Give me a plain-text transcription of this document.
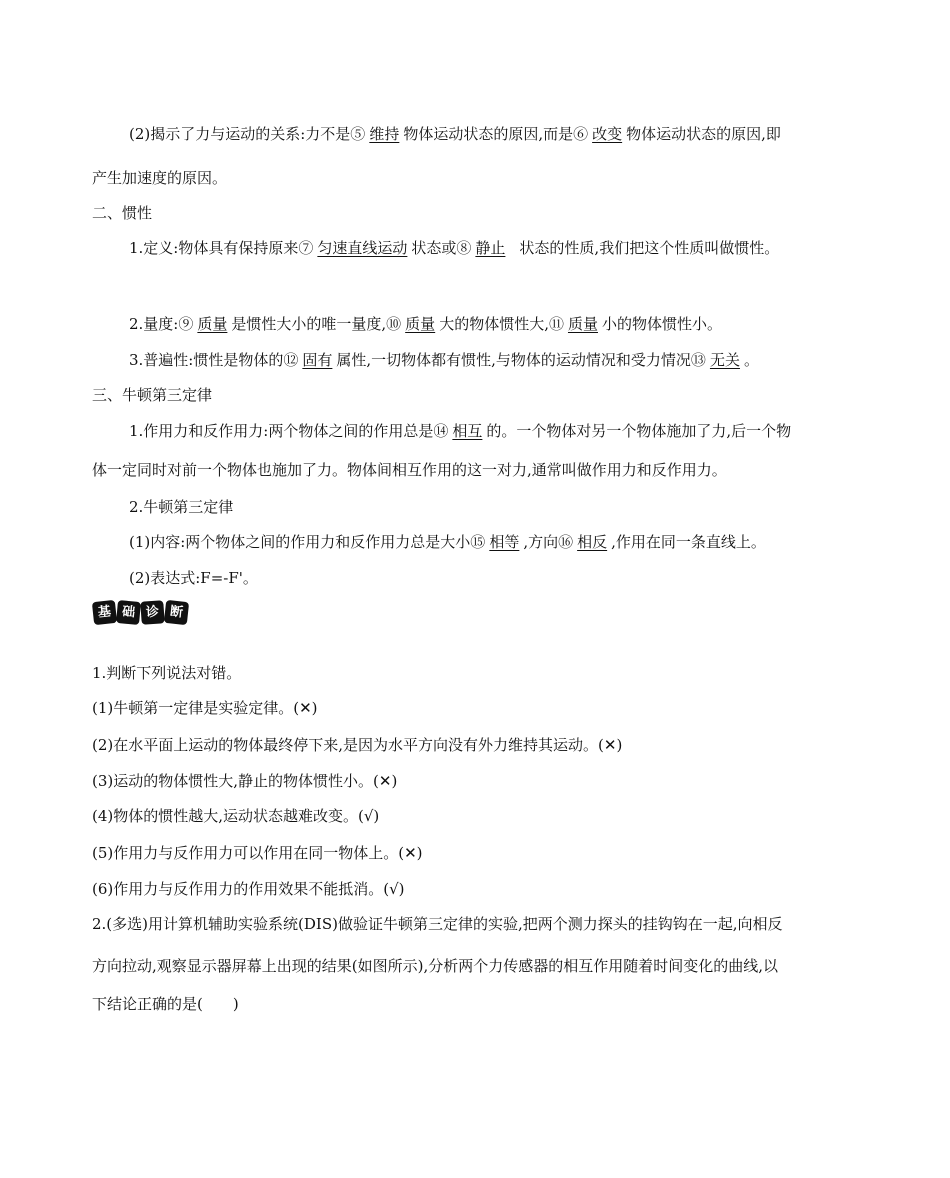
(2)揭示了力与运动的关系:力不是⑤ 维持 物体运动状态的原因,而是⑥ 改变 物体运动状态的原因,即
产生加速度的原因。
二、惯性
1.定义:物体具有保持原来⑦ 匀速直线运动 状态或⑧ 静止 状态的性质,我们把这个性质叫做惯性。
2.量度:⑨ 质量 是惯性大小的唯一量度,⑩ 质量 大的物体惯性大,⑪ 质量 小的物体惯性小。
3.普遍性:惯性是物体的⑫ 固有 属性,一切物体都有惯性,与物体的运动情况和受力情况⑬ 无关 。
三、牛顿第三定律
1.作用力和反作用力:两个物体之间的作用总是⑭ 相互 的。一个物体对另一个物体施加了力,后一个物
体一定同时对前一个物体也施加了力。物体间相互作用的这一对力,通常叫做作用力和反作用力。
2.牛顿第三定律
(1)内容:两个物体之间的作用力和反作用力总是大小⑮ 相等 ,方向⑯ 相反 ,作用在同一条直线上。
(2)表达式:F=-F'。
基 础 诊 断
1.判断下列说法对错。
(1)牛顿第一定律是实验定律。(✕)
(2)在水平面上运动的物体最终停下来,是因为水平方向没有外力维持其运动。(✕)
(3)运动的物体惯性大,静止的物体惯性小。(✕)
(4)物体的惯性越大,运动状态越难改变。(√)
(5)作用力与反作用力可以作用在同一物体上。(✕)
(6)作用力与反作用力的作用效果不能抵消。(√)
2.(多选)用计算机辅助实验系统(DIS)做验证牛顿第三定律的实验,把两个测力探头的挂钩钩在一起,向相反
方向拉动,观察显示器屏幕上出现的结果(如图所示),分析两个力传感器的相互作用随着时间变化的曲线,以
下结论正确的是(　　)
